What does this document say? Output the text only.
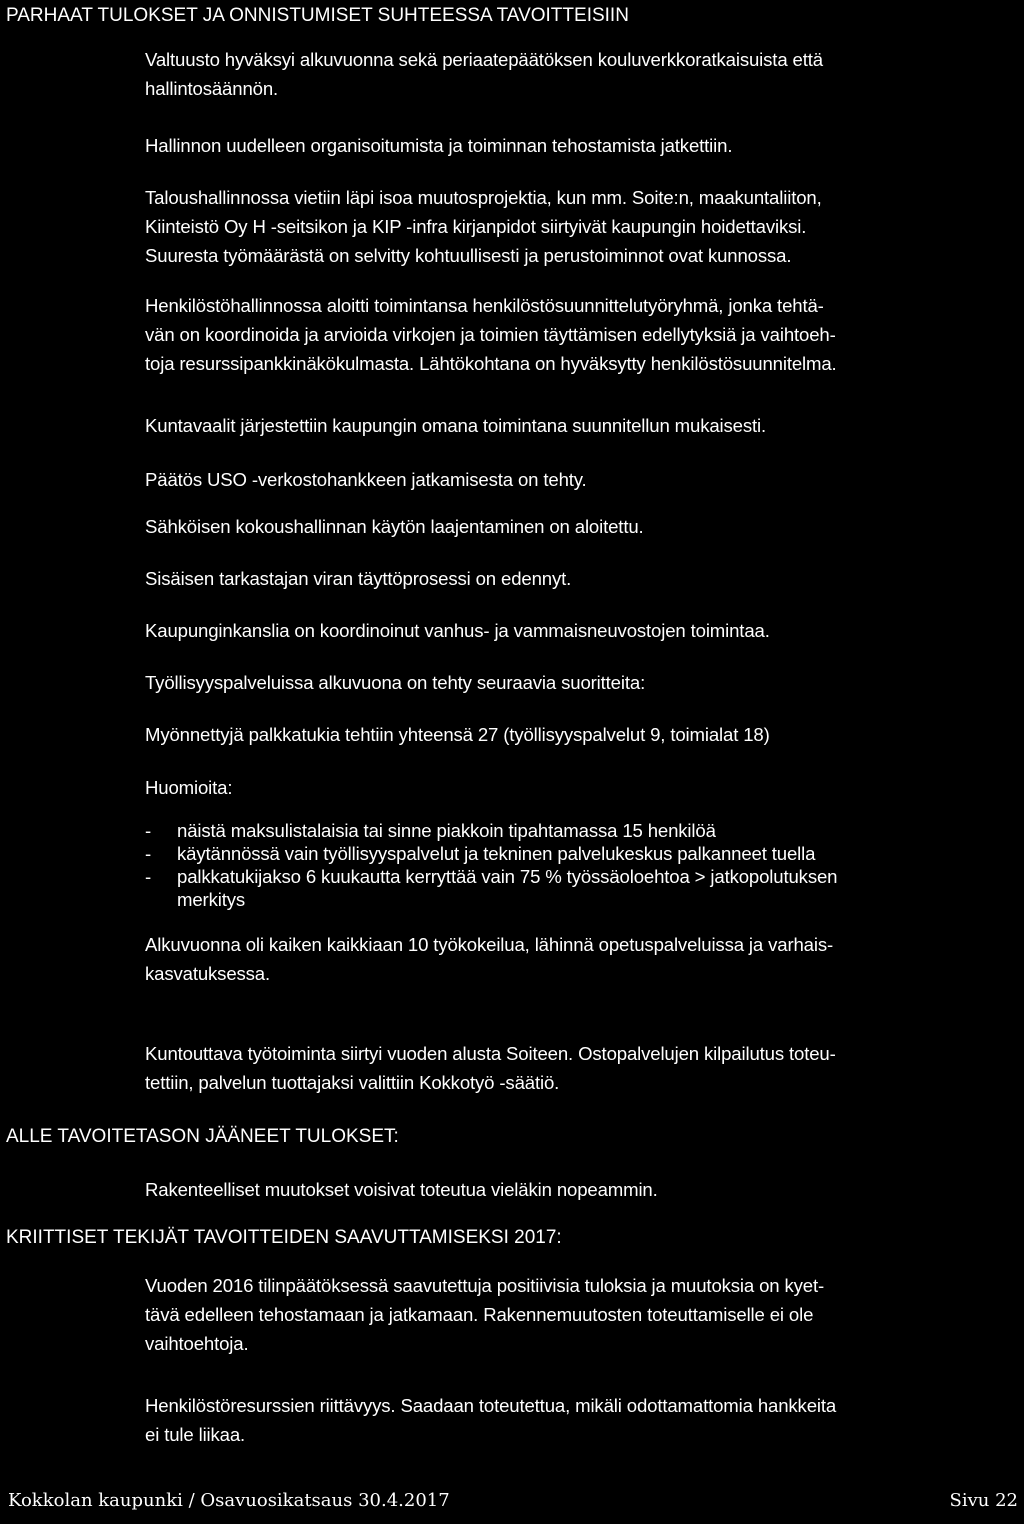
PARHAAT TULOKSET JA ONNISTUMISET SUHTEESSA TAVOITTEISIIN

Valtuusto hyväksyi alkuvuonna sekä periaatepäätöksen kouluverkkoratkaisuista että
hallintosäännön.

Hallinnon uudelleen organisoitumista ja toiminnan tehostamista jatkettiin.

Taloushallinnossa vietiin läpi isoa muutosprojektia, kun mm. Soite:n, maakuntaliiton,
Kiinteistö Oy H -seitsikon ja KIP -infra kirjanpidot siirtyivät kaupungin hoidettaviksi.
Suuresta työmäärästä on selvitty kohtuullisesti ja perustoiminnot ovat kunnossa.

Henkilöstöhallinnossa aloitti toimintansa henkilöstösuunnittelutyöryhmä, jonka tehtä-
vän on koordinoida ja arvioida virkojen ja toimien täyttämisen edellytyksiä ja vaihtoeh-
toja resurssipankkinäkökulmasta. Lähtökohtana on hyväksytty henkilöstösuunnitelma.

Kuntavaalit järjestettiin kaupungin omana toimintana suunnitellun mukaisesti.

Päätös USO -verkostohankkeen jatkamisesta on tehty.

Sähköisen kokoushallinnan käytön laajentaminen on aloitettu.

Sisäisen tarkastajan viran täyttöprosessi on edennyt.

Kaupunginkanslia on koordinoinut vanhus- ja vammaisneuvostojen toimintaa.

Työllisyyspalveluissa alkuvuona on tehty seuraavia suoritteita:

Myönnettyjä palkkatukia tehtiin yhteensä 27 (työllisyyspalvelut 9, toimialat 18)

Huomioita:

- näistä maksulistalaisia tai sinne piakkoin tipahtamassa 15 henkilöä
- käytännössä vain työllisyyspalvelut ja tekninen palvelukeskus palkanneet tuella
- palkkatukijakso 6 kuukautta kerryttää vain 75 % työssäoloehtoa > jatkopolutuksen
merkitys

Alkuvuonna oli kaiken kaikkiaan 10 työkokeilua, lähinnä opetuspalveluissa ja varhais-
kasvatuksessa.

Kuntouttava työtoiminta siirtyi vuoden alusta Soiteen. Ostopalvelujen kilpailutus toteu-
tettiin, palvelun tuottajaksi valittiin Kokkotyö -säätiö.

ALLE TAVOITETASON JÄÄNEET TULOKSET:

Rakenteelliset muutokset voisivat toteutua vieläkin nopeammin.

KRIITTISET TEKIJÄT TAVOITTEIDEN SAAVUTTAMISEKSI 2017:

Vuoden 2016 tilinpäätöksessä saavutettuja positiivisia tuloksia ja muutoksia on kyet-
tävä edelleen tehostamaan ja jatkamaan. Rakennemuutosten toteuttamiselle ei ole
vaihtoehtoja.

Henkilöstöresurssien riittävyys. Saadaan toteutettua, mikäli odottamattomia hankkeita
ei tule liikaa.

Kokkolan kaupunki / Osavuosikatsaus 30.4.2017	Sivu 22
